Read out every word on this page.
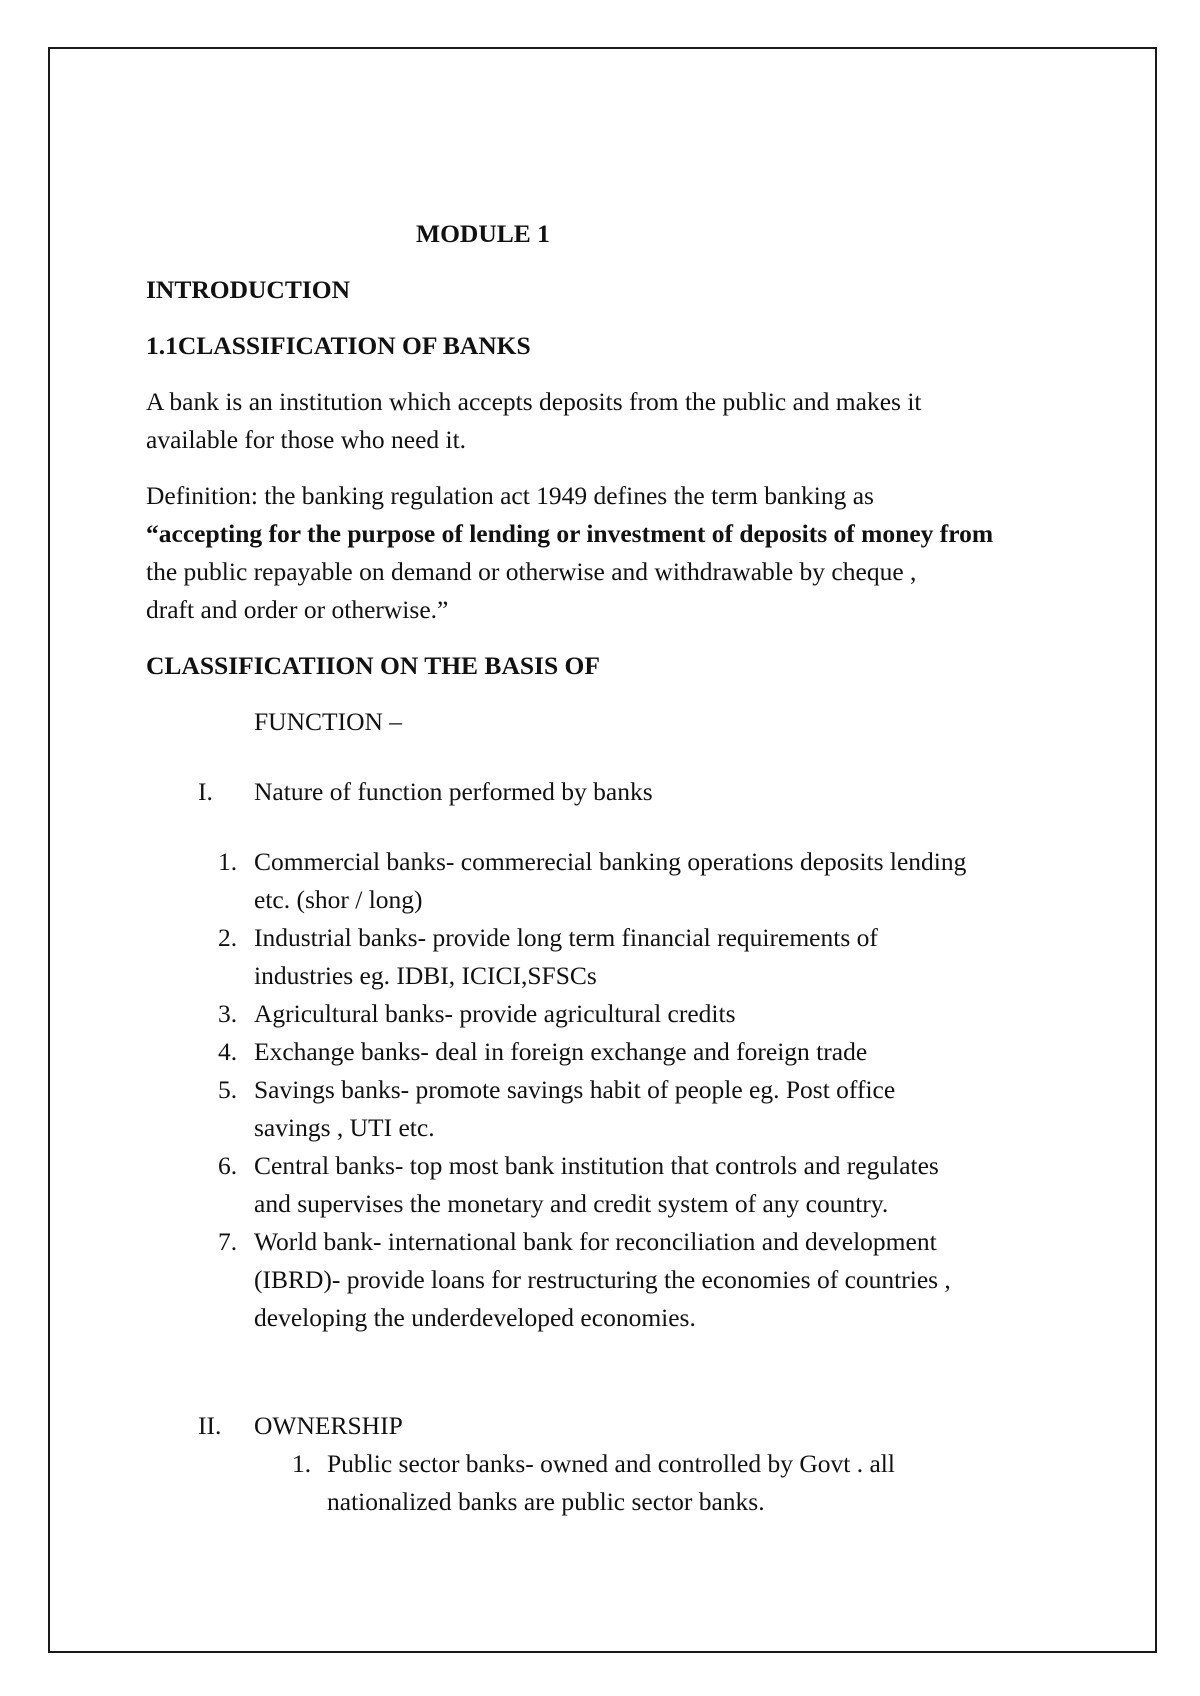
MODULE 1
INTRODUCTION
1.1CLASSIFICATION OF BANKS
A bank is an institution which accepts deposits from the public and makes it
available for those who need it.
Definition: the banking regulation act 1949 defines the term banking as
“accepting for the purpose of lending or investment of deposits of money from
the public repayable on demand or otherwise and withdrawable by cheque ,
draft and order or otherwise.”
CLASSIFICATIION ON THE BASIS OF
FUNCTION –
I. Nature of function performed by banks
1. Commercial banks- commerecial banking operations deposits lending
etc. (shor / long)
2. Industrial banks- provide long term financial requirements of
industries eg. IDBI, ICICI,SFSCs
3. Agricultural banks- provide agricultural credits
4. Exchange banks- deal in foreign exchange and foreign trade
5. Savings banks- promote savings habit of people eg. Post office
savings , UTI etc.
6. Central banks- top most bank institution that controls and regulates
and supervises the monetary and credit system of any country.
7. World bank- international bank for reconciliation and development
(IBRD)- provide loans for restructuring the economies of countries ,
developing the underdeveloped economies.
II. OWNERSHIP
1. Public sector banks- owned and controlled by Govt . all
nationalized banks are public sector banks.
